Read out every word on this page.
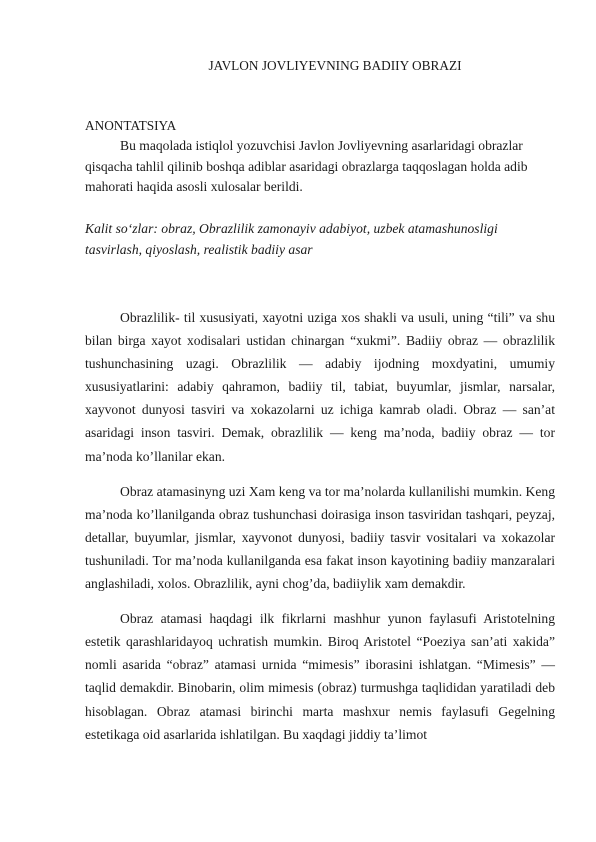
JAVLON JOVLIYEVNING BADIIY OBRAZI
ANONTATSIYA

Bu maqolada istiqlol yozuvchisi Javlon Jovliyevning asarlaridagi obrazlar qisqacha tahlil qilinib boshqa adiblar asaridagi obrazlarga taqqoslagan holda adib mahorati haqida asosli xulosalar berildi.

Kalit so‘zlar: obraz, Obrazlilik zamonayiv adabiyot, uzbek atamashunosligi tasvirlash, qiyoslash, realistik badiiy asar

Obrazlilik- til xususiyati, xayotni uziga xos shakli va usuli, uning “tili” va shu bilan birga xayot xodisalari ustidan chinargan “xukmi”. Badiiy obraz — obrazlilik tushunchasining uzagi. Obrazlilik — adabiy ijodning moxdyatini, umumiy xususiyatlarini: adabiy qahramon, badiiy til, tabiat, buyumlar, jismlar, narsalar, xayvonot dunyosi tasviri va xokazolarni uz ichiga kamrab oladi. Obraz — san’at asaridagi inson tasviri. Demak, obrazlilik — keng ma’noda, badiiy obraz — tor ma’noda ko’llanilar ekan.

Obraz atamasinyng uzi Xam keng va tor ma’nolarda kullanilishi mumkin. Keng ma’noda ko’llanilganda obraz tushunchasi doirasiga inson tasviridan tashqari, peyzaj, detallar, buyumlar, jismlar, xayvonot dunyosi, badiiy tasvir vositalari va xokazolar tushuniladi. Tor ma’noda kullanilganda esa fakat inson kayotining badiiy manzaralari anglashiladi, xolos. Obrazlilik, ayni chog’da, badiiylik xam demakdir.

Obraz atamasi haqdagi ilk fikrlarni mashhur yunon faylasufi Aristotelning estetik qarashlaridayoq uchratish mumkin. Biroq Aristotel “Poeziya san’ati xakida” nomli asarida “obraz” atamasi urnida “mimesis” iborasini ishlatgan. “Mimesis” — taqlid demakdir. Binobarin, olim mimesis (obraz) turmushga taqlididan yaratiladi deb hisoblagan. Obraz atamasi birinchi marta mashxur nemis faylasufi Gegelning estetikaga oid asarlarida ishlatilgan. Bu xaqdagi jiddiy ta’limot
